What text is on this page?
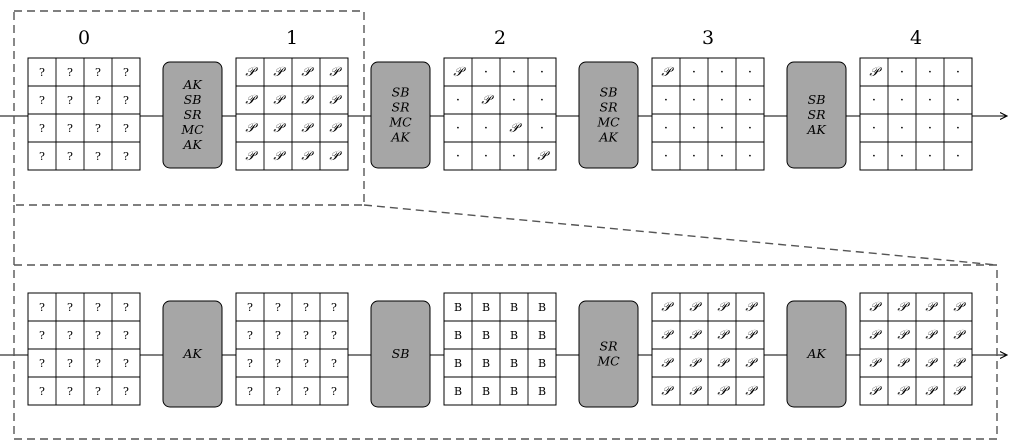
0	1	2	3	4
? ? ? ?
? ? ? ?
? ? ? ?
? ? ? ?
𝒫 𝒫 𝒫 𝒫
𝒫 𝒫 𝒫 𝒫
𝒫 𝒫 𝒫 𝒫
𝒫 𝒫 𝒫 𝒫
𝒫 · · ·
· 𝒫 · ·
· · 𝒫 ·
· · · 𝒫
𝒫 · · ·
· · · ·
· · · ·
· · · ·
𝒫 · · ·
· · · ·
· · · ·
· · · ·
AK
SB
SR
MC
AK
SB
SR
MC
AK
SB
SR
MC
AK
SB
SR
AK
? ? ? ?
? ? ? ?
? ? ? ?
? ? ? ?
? ? ? ?
? ? ? ?
? ? ? ?
? ? ? ?
B B B B
B B B B
B B B B
B B B B
𝒫 𝒫 𝒫 𝒫
𝒫 𝒫 𝒫 𝒫
𝒫 𝒫 𝒫 𝒫
𝒫 𝒫 𝒫 𝒫
𝒫 𝒫 𝒫 𝒫
𝒫 𝒫 𝒫 𝒫
𝒫 𝒫 𝒫 𝒫
𝒫 𝒫 𝒫 𝒫
AK	SB	SR
MC	AK
